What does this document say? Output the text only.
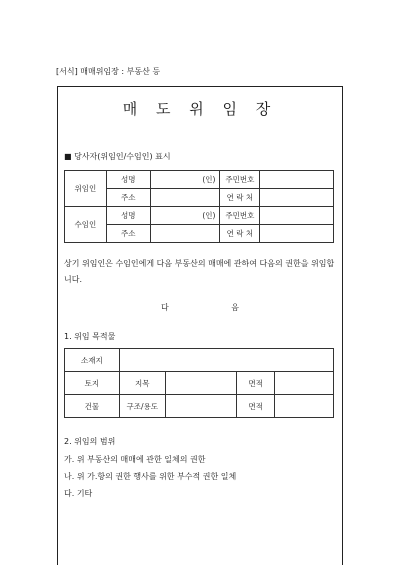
[서식] 매매위임장 : 부동산 등
매 도 위 임 장
■ 당사자(위임인/수임인) 표시
위임인	성명	(인)	주민번호	
	주소		연 락 처	
수임인	성명	(인)	주민번호	
	주소		연 락 처	
상기 위임인은 수임인에게 다음 부동산의 매매에 관하여 다음의 권한을 위임합니다.
다 음
1. 위임 목적물
소재지				
토지	지목		면적	
건물	구조/용도		면적	
2. 위임의 범위
가. 위 부동산의 매매에 관한 일체의 권한
나. 위 가.항의 권한 행사를 위한 부수적 권한 일체
다. 기타
